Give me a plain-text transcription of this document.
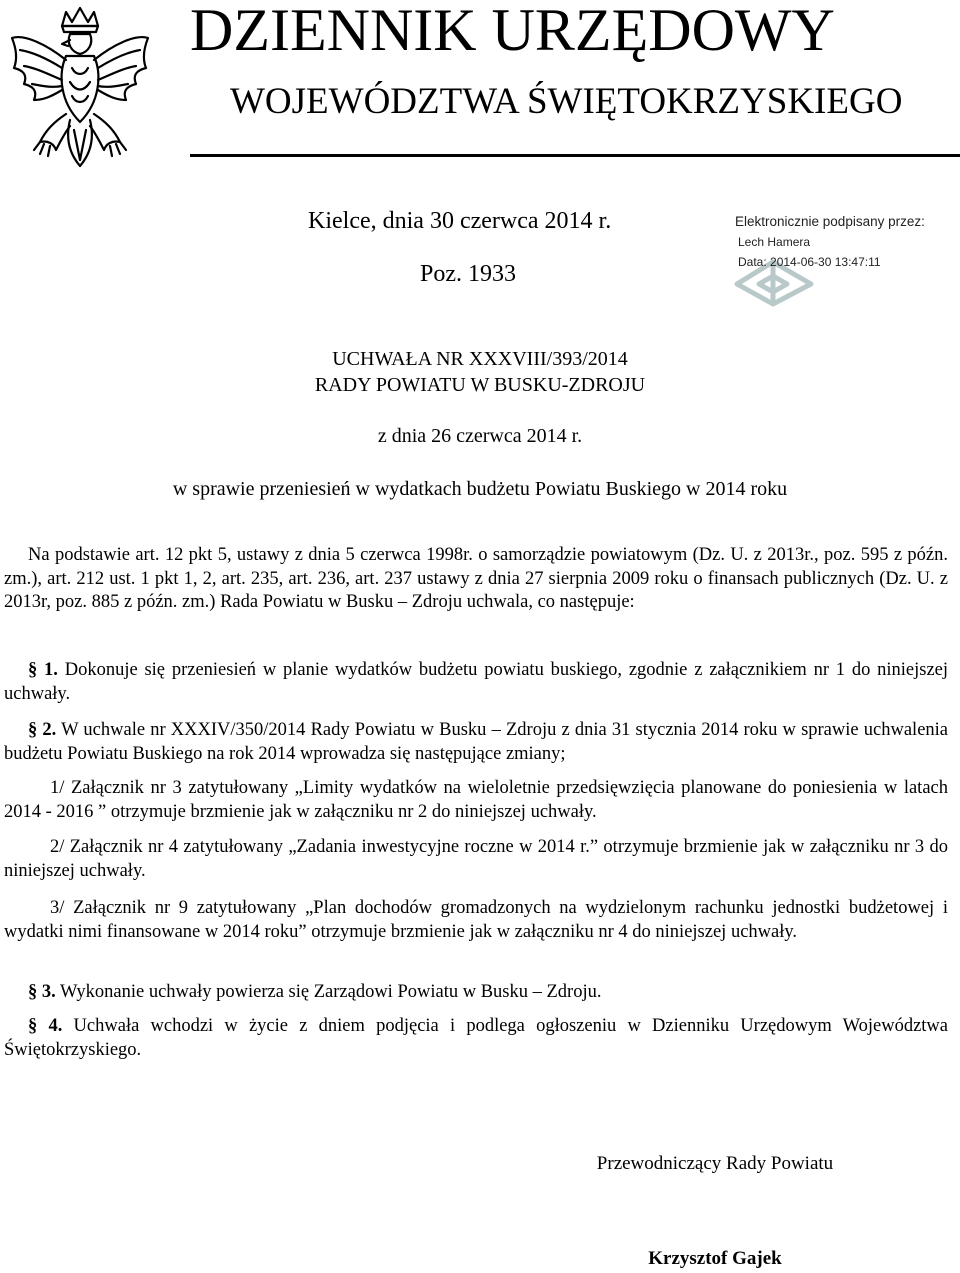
DZIENNIK URZĘDOWY
WOJEWÓDZTWA ŚWIĘTOKRZYSKIEGO
Kielce, dnia 30 czerwca 2014 r.
Poz. 1933
Elektronicznie podpisany przez:
Lech Hamera
Data: 2014-06-30 13:47:11
UCHWAŁA NR XXXVIII/393/2014
RADY POWIATU W BUSKU-ZDROJU
z dnia 26 czerwca 2014 r.
w sprawie przeniesień w wydatkach budżetu Powiatu Buskiego w 2014 roku
Na podstawie art. 12 pkt 5, ustawy z dnia 5 czerwca 1998r. o samorządzie powiatowym (Dz. U. z 2013r., poz. 595 z późn. zm.), art. 212 ust. 1 pkt 1, 2, art. 235, art. 236, art. 237 ustawy z dnia 27 sierpnia 2009 roku o finansach publicznych (Dz. U. z 2013r, poz. 885 z późn. zm.) Rada Powiatu w Busku – Zdroju uchwala, co następuje:
§ 1. Dokonuje się przeniesień w planie wydatków budżetu powiatu buskiego, zgodnie z załącznikiem nr 1 do niniejszej uchwały.
§ 2. W uchwale nr XXXIV/350/2014 Rady Powiatu w Busku – Zdroju z dnia 31 stycznia 2014 roku w sprawie uchwalenia budżetu Powiatu Buskiego na rok 2014 wprowadza się następujące zmiany;
1/ Załącznik nr 3 zatytułowany „Limity wydatków na wieloletnie przedsięwzięcia planowane do poniesienia w latach 2014 - 2016 ” otrzymuje brzmienie jak w załączniku nr 2 do niniejszej uchwały.
2/ Załącznik nr 4 zatytułowany „Zadania inwestycyjne roczne w 2014 r.” otrzymuje brzmienie jak w załączniku nr 3 do niniejszej uchwały.
3/ Załącznik nr 9 zatytułowany „Plan dochodów gromadzonych na wydzielonym rachunku jednostki budżetowej i wydatki nimi finansowane w 2014 roku” otrzymuje brzmienie jak w załączniku nr 4 do niniejszej uchwały.
§ 3. Wykonanie uchwały powierza się Zarządowi Powiatu w Busku – Zdroju.
§ 4. Uchwała wchodzi w życie z dniem podjęcia i podlega ogłoszeniu w Dzienniku Urzędowym Województwa Świętokrzyskiego.
Przewodniczący Rady Powiatu
Krzysztof Gajek
